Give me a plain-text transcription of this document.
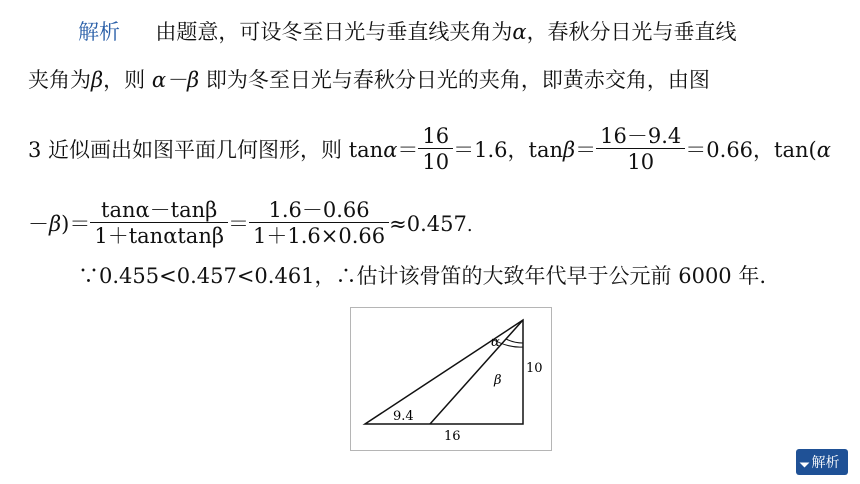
解析 由题意，可设冬至日光与垂直线夹角为α，春秋分日光与垂直线
夹角为β，则 α－β 即为冬至日光与春秋分日光的夹角，即黄赤交角，由图
3 近似画出如图平面几何图形，则 $\tan\alpha= \frac{16}{10} =1.6$，$\tan\beta= \frac{16-9.4}{10} =0.66$，tan(α
$-\beta)= \frac{\tan\alpha-\tan\beta}{1+\tan\alpha\tan\beta} = \frac{1.6-0.66}{1+1.6\times 0.66} \approx 0.457$.
∵0.455<0.457<0.461，∴估计该骨笛的大致年代早于公元前 6000 年.
α
β
10
9.4
16
解析
